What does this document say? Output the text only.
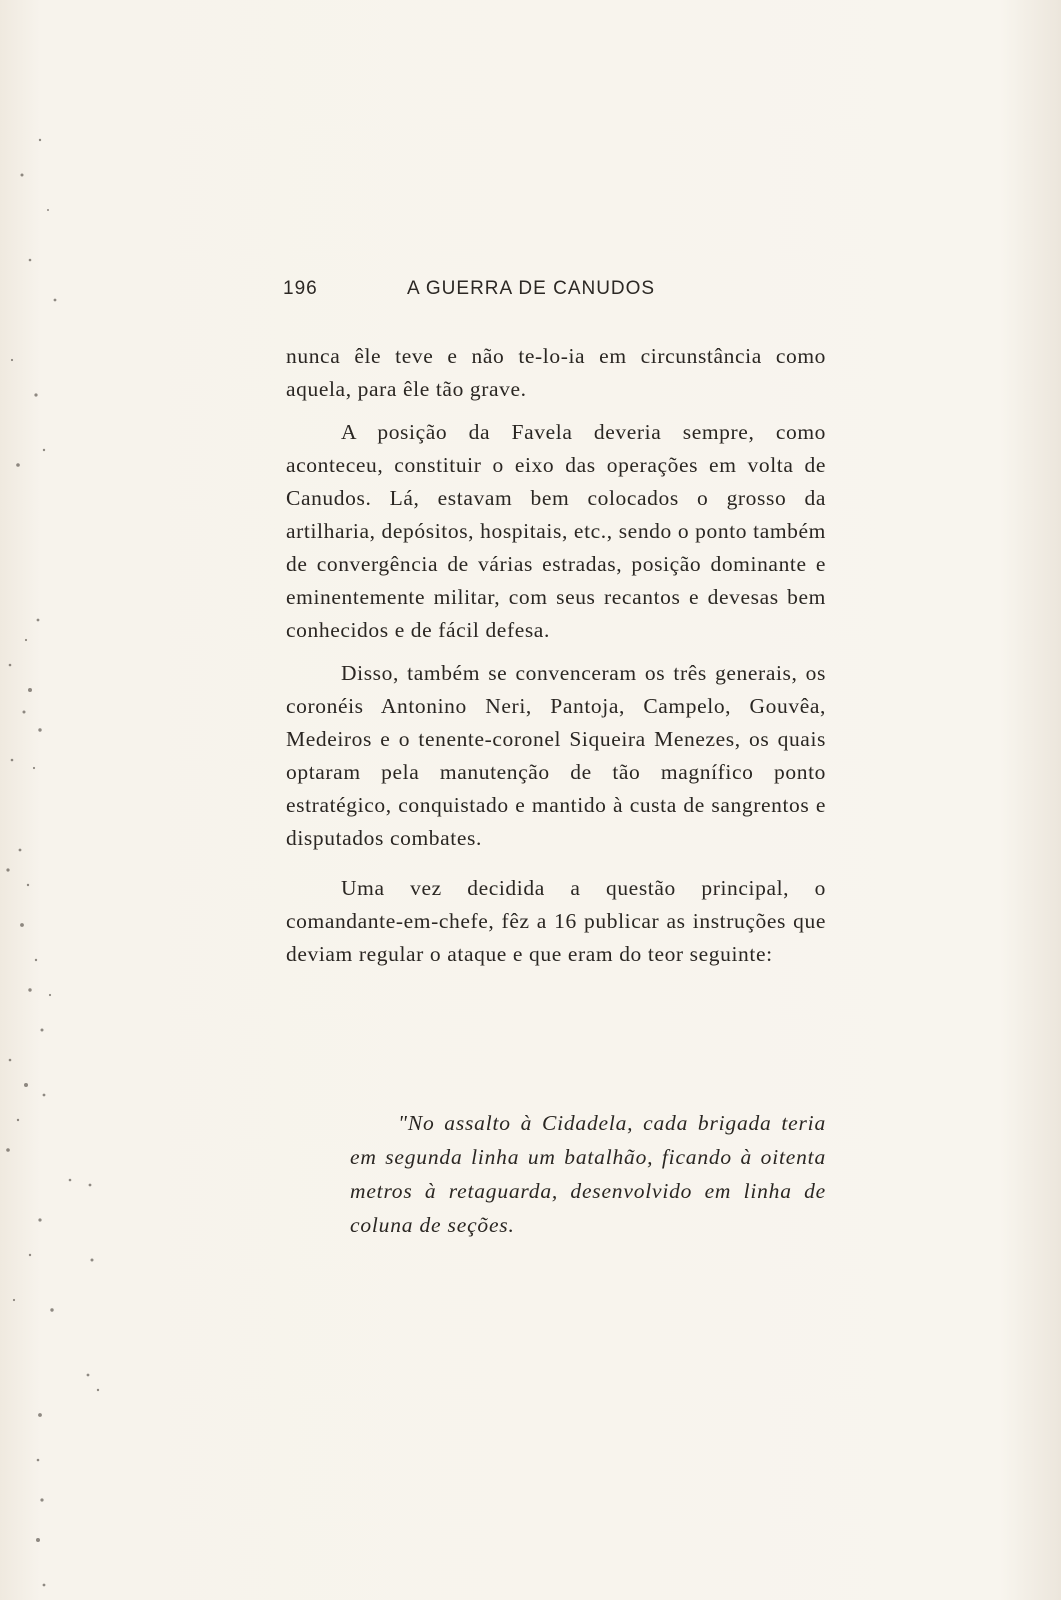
196	A GUERRA DE CANUDOS

nunca êle teve e não te-lo-ia em circunstância como aquela, para êle tão grave.

A posição da Favela deveria sempre, como aconteceu, constituir o eixo das operações em volta de Canudos. Lá, estavam bem colocados o grosso da artilharia, depósitos, hospitais, etc., sendo o ponto também de convergência de várias estradas, posição dominante e eminentemente militar, com seus recantos e devesas bem conhecidos e de fácil defesa.

Disso, também se convenceram os três generais, os coronéis Antonino Neri, Pantoja, Campelo, Gouvêa, Medeiros e o tenente-coronel Siqueira Menezes, os quais optaram pela manutenção de tão magnífico ponto estratégico, conquistado e mantido à custa de sangrentos e disputados combates.

Uma vez decidida a questão principal, o comandante-em-chefe, fêz a 16 publicar as instruções que deviam regular o ataque e que eram do teor seguinte:

"No assalto à Cidadela, cada brigada teria em segunda linha um batalhão, ficando à oitenta metros à retaguarda, desenvolvido em linha de coluna de seções.
